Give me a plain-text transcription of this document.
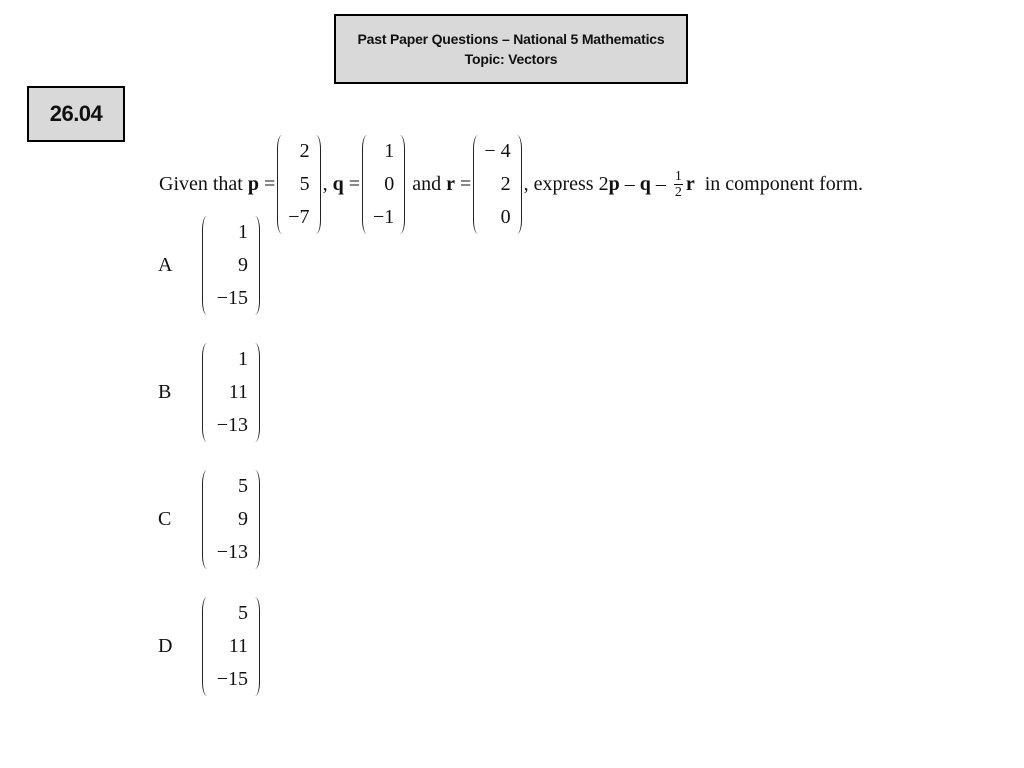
Past Paper Questions – National 5 Mathematics
Topic: Vectors
26.04
Given that p =
2
5
−7
, q =
1
0
−1
and r =
− 4
2
0
, express 2 p – q – $\frac{1}{2}$ r in component form.
A
1
9
−15
B
1
11
−13
C
5
9
−13
D
5
11
−15
